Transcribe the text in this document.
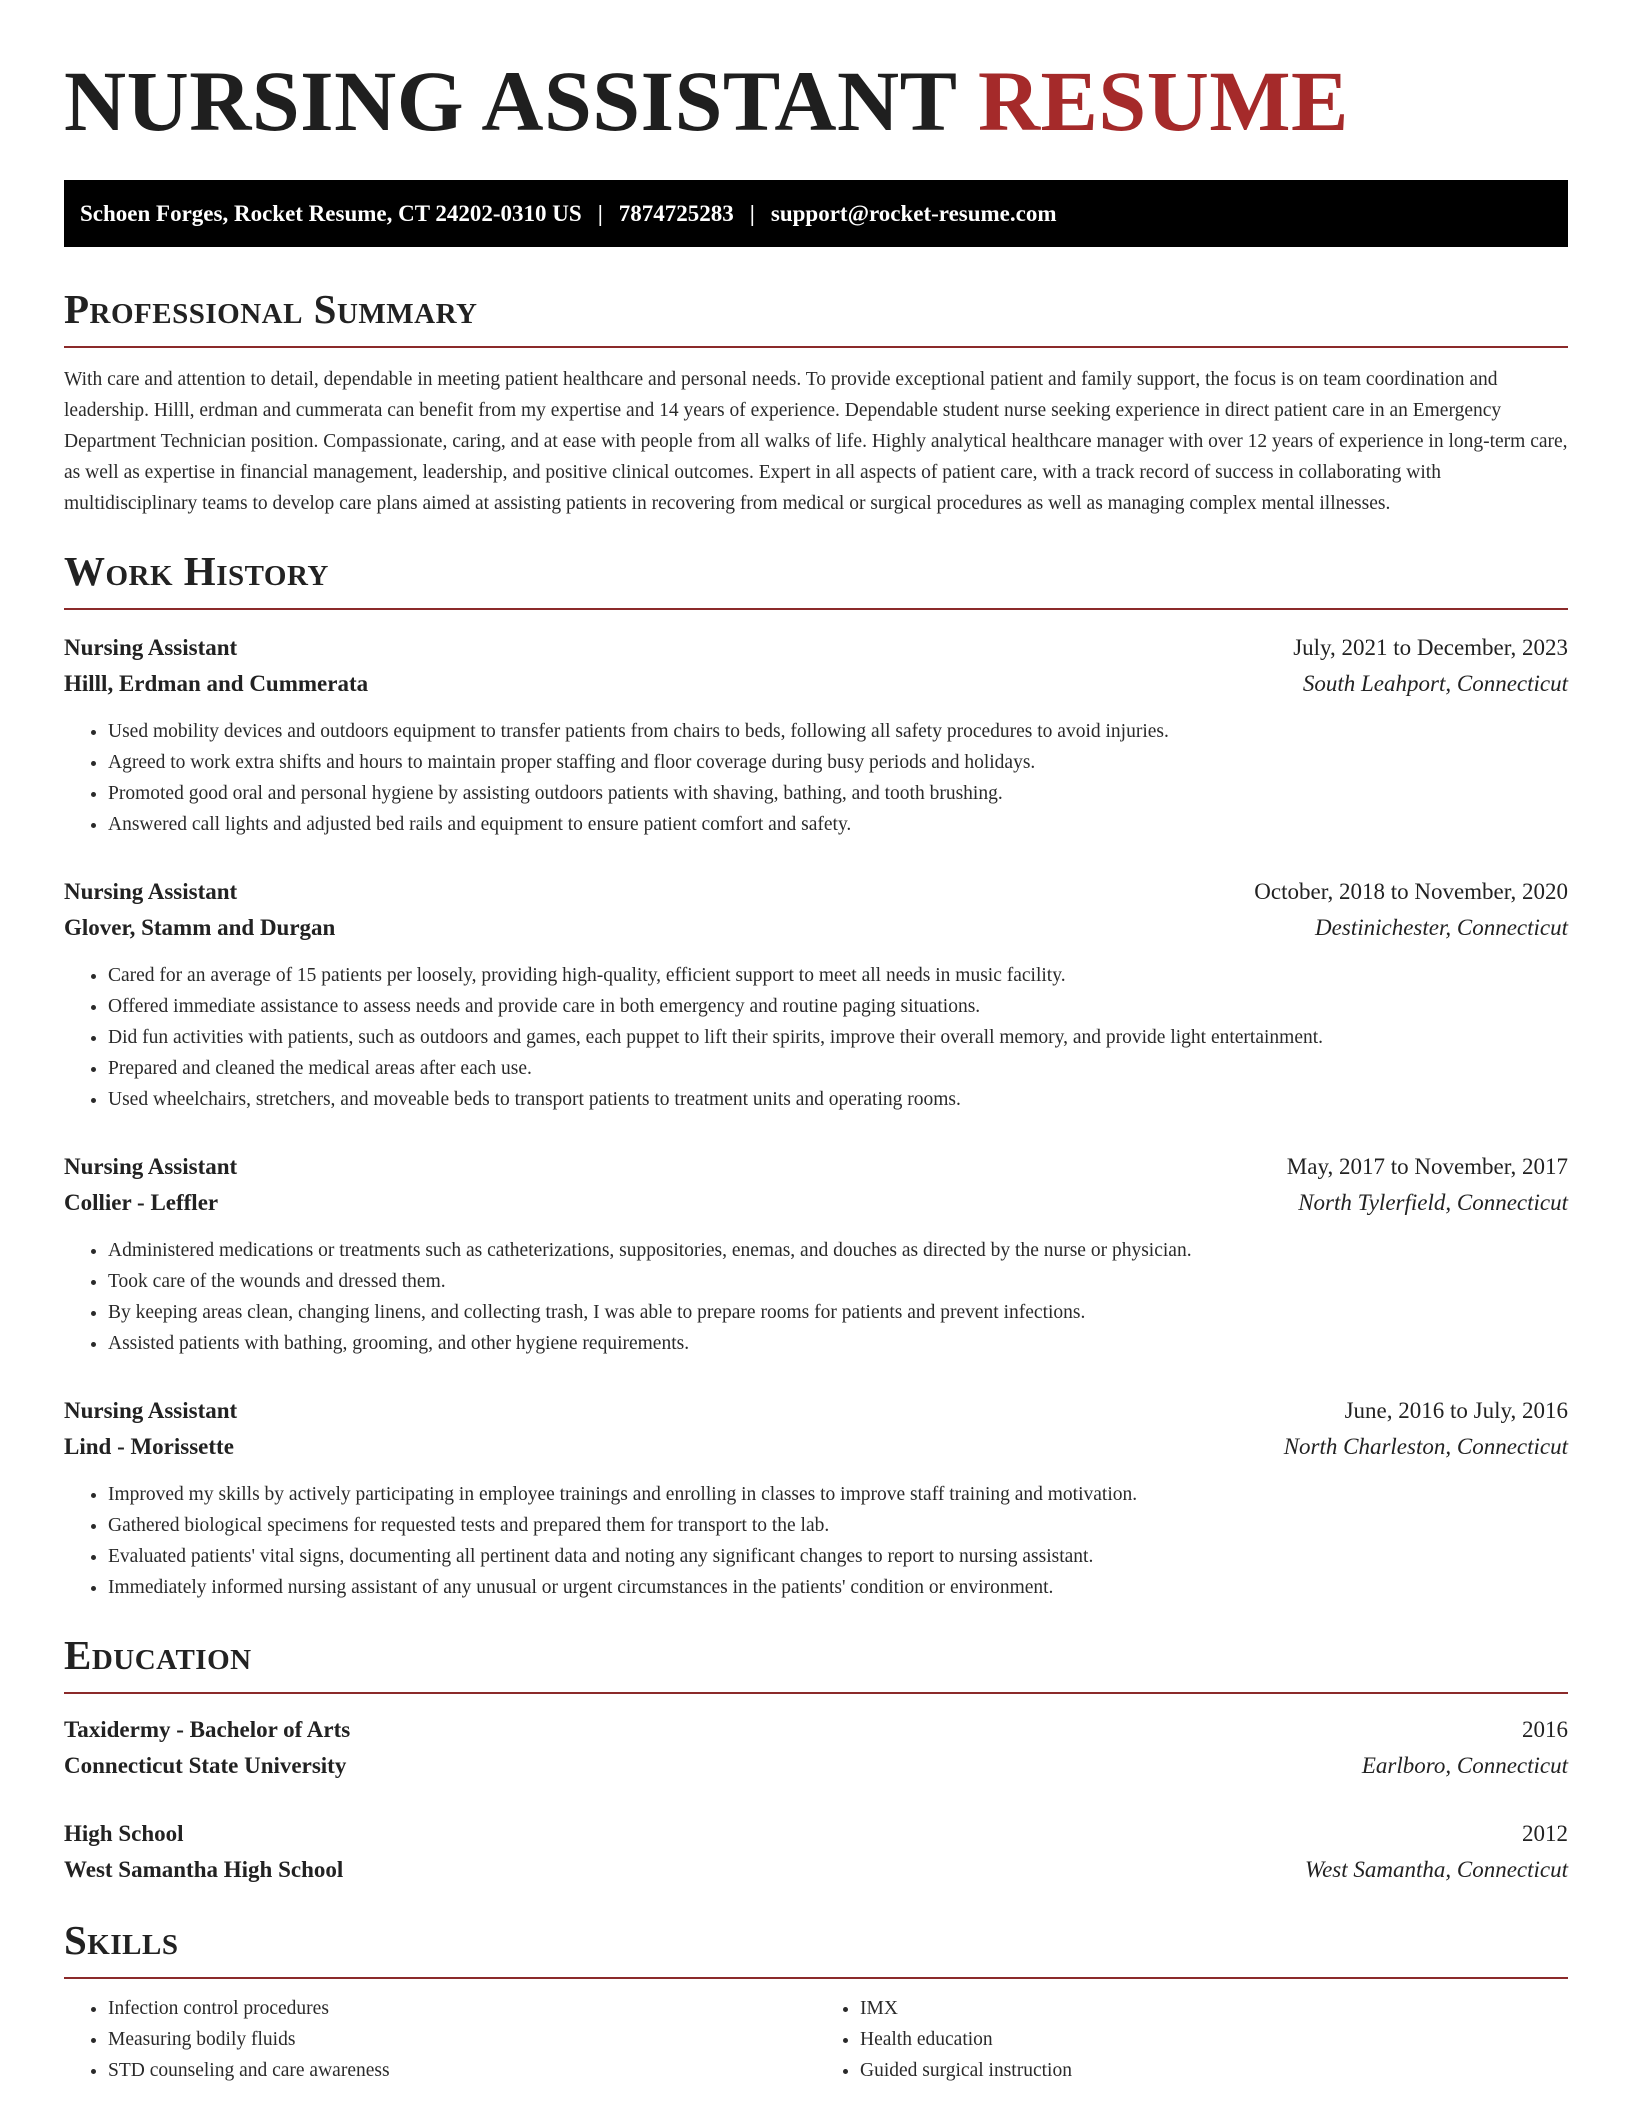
NURSING ASSISTANT RESUME
Schoen Forges, Rocket Resume, CT 24202-0310 US | 7874725283 | support@rocket-resume.com
Professional Summary

With care and attention to detail, dependable in meeting patient healthcare and personal needs. To provide exceptional patient and family support, the focus is on team coordination and leadership. Hilll, erdman and cummerata can benefit from my expertise and 14 years of experience. Dependable student nurse seeking experience in direct patient care in an Emergency Department Technician position. Compassionate, caring, and at ease with people from all walks of life. Highly analytical healthcare manager with over 12 years of experience in long-term care, as well as expertise in financial management, leadership, and positive clinical outcomes. Expert in all aspects of patient care, with a track record of success in collaborating with multidisciplinary teams to develop care plans aimed at assisting patients in recovering from medical or surgical procedures as well as managing complex mental illnesses.

Work History
Nursing Assistant	July, 2021 to December, 2023
Hilll, Erdman and Cummerata	South Leahport, Connecticut
• Used mobility devices and outdoors equipment to transfer patients from chairs to beds, following all safety procedures to avoid injuries.
• Agreed to work extra shifts and hours to maintain proper staffing and floor coverage during busy periods and holidays.
• Promoted good oral and personal hygiene by assisting outdoors patients with shaving, bathing, and tooth brushing.
• Answered call lights and adjusted bed rails and equipment to ensure patient comfort and safety.
Nursing Assistant	October, 2018 to November, 2020
Glover, Stamm and Durgan	Destinichester, Connecticut
• Cared for an average of 15 patients per loosely, providing high-quality, efficient support to meet all needs in music facility.
• Offered immediate assistance to assess needs and provide care in both emergency and routine paging situations.
• Did fun activities with patients, such as outdoors and games, each puppet to lift their spirits, improve their overall memory, and provide light entertainment.
• Prepared and cleaned the medical areas after each use.
• Used wheelchairs, stretchers, and moveable beds to transport patients to treatment units and operating rooms.
Nursing Assistant	May, 2017 to November, 2017
Collier - Leffler	North Tylerfield, Connecticut
• Administered medications or treatments such as catheterizations, suppositories, enemas, and douches as directed by the nurse or physician.
• Took care of the wounds and dressed them.
• By keeping areas clean, changing linens, and collecting trash, I was able to prepare rooms for patients and prevent infections.
• Assisted patients with bathing, grooming, and other hygiene requirements.
Nursing Assistant	June, 2016 to July, 2016
Lind - Morissette	North Charleston, Connecticut
• Improved my skills by actively participating in employee trainings and enrolling in classes to improve staff training and motivation.
• Gathered biological specimens for requested tests and prepared them for transport to the lab.
• Evaluated patients' vital signs, documenting all pertinent data and noting any significant changes to report to nursing assistant.
• Immediately informed nursing assistant of any unusual or urgent circumstances in the patients' condition or environment.
Education
Taxidermy - Bachelor of Arts	2016
Connecticut State University	Earlboro, Connecticut
High School	2012
West Samantha High School	West Samantha, Connecticut
Skills
• Infection control procedures
• Measuring bodily fluids
• STD counseling and care awareness
• IMX
• Health education
• Guided surgical instruction
